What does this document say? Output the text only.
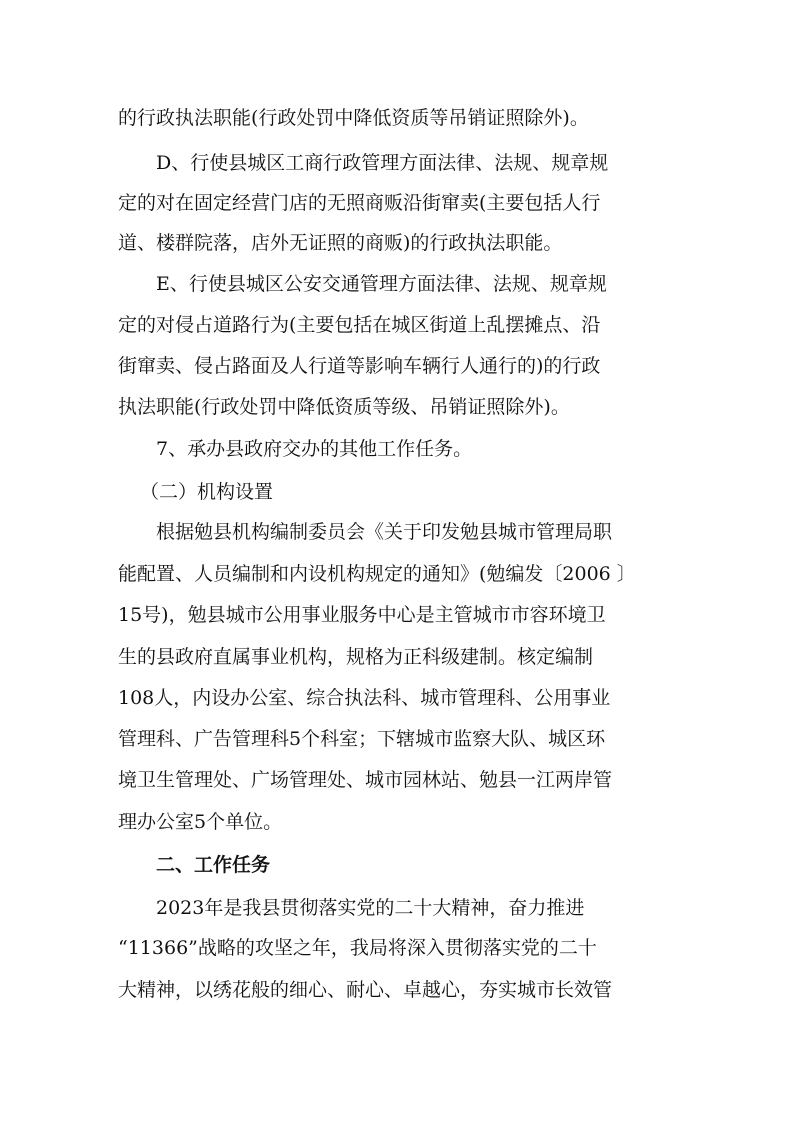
的行政执法职能(行政处罚中降低资质等吊销证照除外)。
D、行使县城区工商行政管理方面法律、法规、规章规
定的对在固定经营门店的无照商贩沿街窜卖(主要包括人行
道、楼群院落，店外无证照的商贩)的行政执法职能。
E、行使县城区公安交通管理方面法律、法规、规章规
定的对侵占道路行为(主要包括在城区街道上乱摆摊点、沿
街窜卖、侵占路面及人行道等影响车辆行人通行的)的行政
执法职能(行政处罚中降低资质等级、吊销证照除外)。
7、承办县政府交办的其他工作任务。
（二）机构设置
根据勉县机构编制委员会《关于印发勉县城市管理局职
能配置、人员编制和内设机构规定的通知》(勉编发〔2006 〕
15号)，勉县城市公用事业服务中心是主管城市市容环境卫
生的县政府直属事业机构，规格为正科级建制。核定编制
108人，内设办公室、综合执法科、城市管理科、公用事业
管理科、广告管理科5个科室；下辖城市监察大队、城区环
境卫生管理处、广场管理处、城市园林站、勉县一江两岸管
理办公室5个单位。
二、工作任务
2023年是我县贯彻落实党的二十大精神，奋力推进
“11366”战略的攻坚之年，我局将深入贯彻落实党的二十
大精神，以绣花般的细心、耐心、卓越心，夯实城市长效管
